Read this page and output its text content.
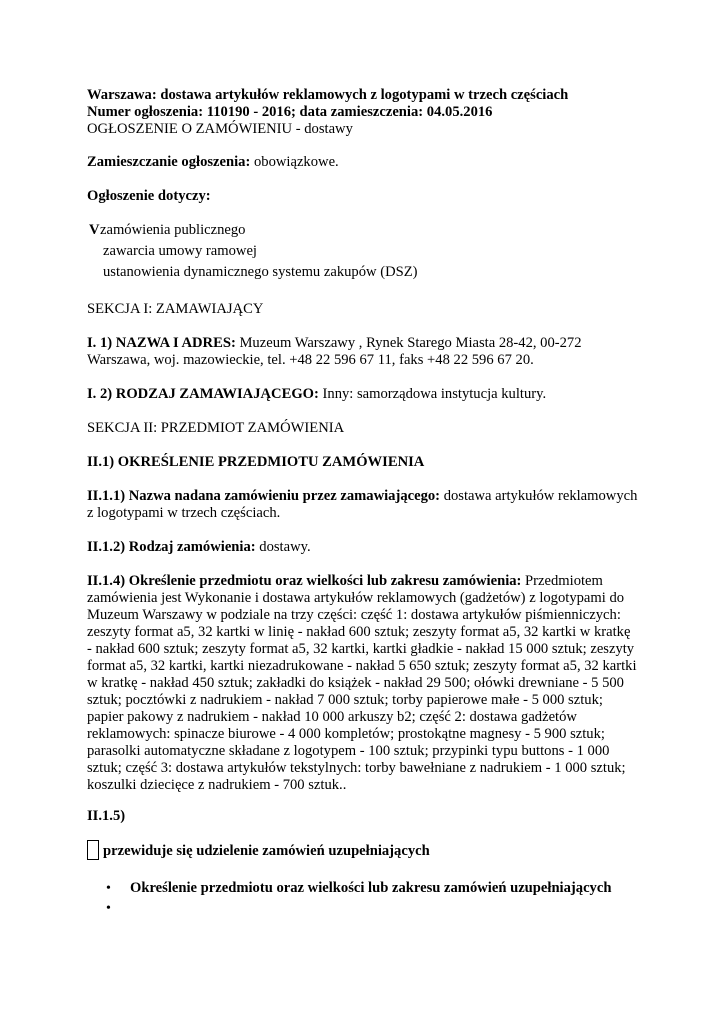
Warszawa: dostawa artykułów reklamowych z logotypami w trzech częściach
Numer ogłoszenia: 110190 - 2016; data zamieszczenia: 04.05.2016
OGŁOSZENIE O ZAMÓWIENIU - dostawy
Zamieszczanie ogłoszenia: obowiązkowe.
Ogłoszenie dotyczy:
Vzamówienia publicznego
zawarcia umowy ramowej
ustanowienia dynamicznego systemu zakupów (DSZ)
SEKCJA I: ZAMAWIAJĄCY
I. 1) NAZWA I ADRES: Muzeum Warszawy , Rynek Starego Miasta 28-42, 00-272
Warszawa, woj. mazowieckie, tel. +48 22 596 67 11, faks +48 22 596 67 20.
I. 2) RODZAJ ZAMAWIAJĄCEGO: Inny: samorządowa instytucja kultury.
SEKCJA II: PRZEDMIOT ZAMÓWIENIA
II.1) OKREŚLENIE PRZEDMIOTU ZAMÓWIENIA
II.1.1) Nazwa nadana zamówieniu przez zamawiającego: dostawa artykułów reklamowych
z logotypami w trzech częściach.
II.1.2) Rodzaj zamówienia: dostawy.
II.1.4) Określenie przedmiotu oraz wielkości lub zakresu zamówienia: Przedmiotem
zamówienia jest Wykonanie i dostawa artykułów reklamowych (gadżetów) z logotypami do
Muzeum Warszawy w podziale na trzy części: część 1: dostawa artykułów piśmienniczych:
zeszyty format a5, 32 kartki w linię - nakład 600 sztuk; zeszyty format a5, 32 kartki w kratkę
- nakład 600 sztuk; zeszyty format a5, 32 kartki, kartki gładkie - nakład 15 000 sztuk; zeszyty
format a5, 32 kartki, kartki niezadrukowane - nakład 5 650 sztuk; zeszyty format a5, 32 kartki
w kratkę - nakład 450 sztuk; zakładki do książek - nakład 29 500; ołówki drewniane - 5 500
sztuk; pocztówki z nadrukiem - nakład 7 000 sztuk; torby papierowe małe - 5 000 sztuk;
papier pakowy z nadrukiem - nakład 10 000 arkuszy b2; część 2: dostawa gadżetów
reklamowych: spinacze biurowe - 4 000 kompletów; prostokątne magnesy - 5 900 sztuk;
parasolki automatyczne składane z logotypem - 100 sztuk; przypinki typu buttons - 1 000
sztuk; część 3: dostawa artykułów tekstylnych: torby bawełniane z nadrukiem - 1 000 sztuk;
koszulki dziecięce z nadrukiem - 700 sztuk..
II.1.5)
przewiduje się udzielenie zamówień uzupełniających
• Określenie przedmiotu oraz wielkości lub zakresu zamówień uzupełniających
•
